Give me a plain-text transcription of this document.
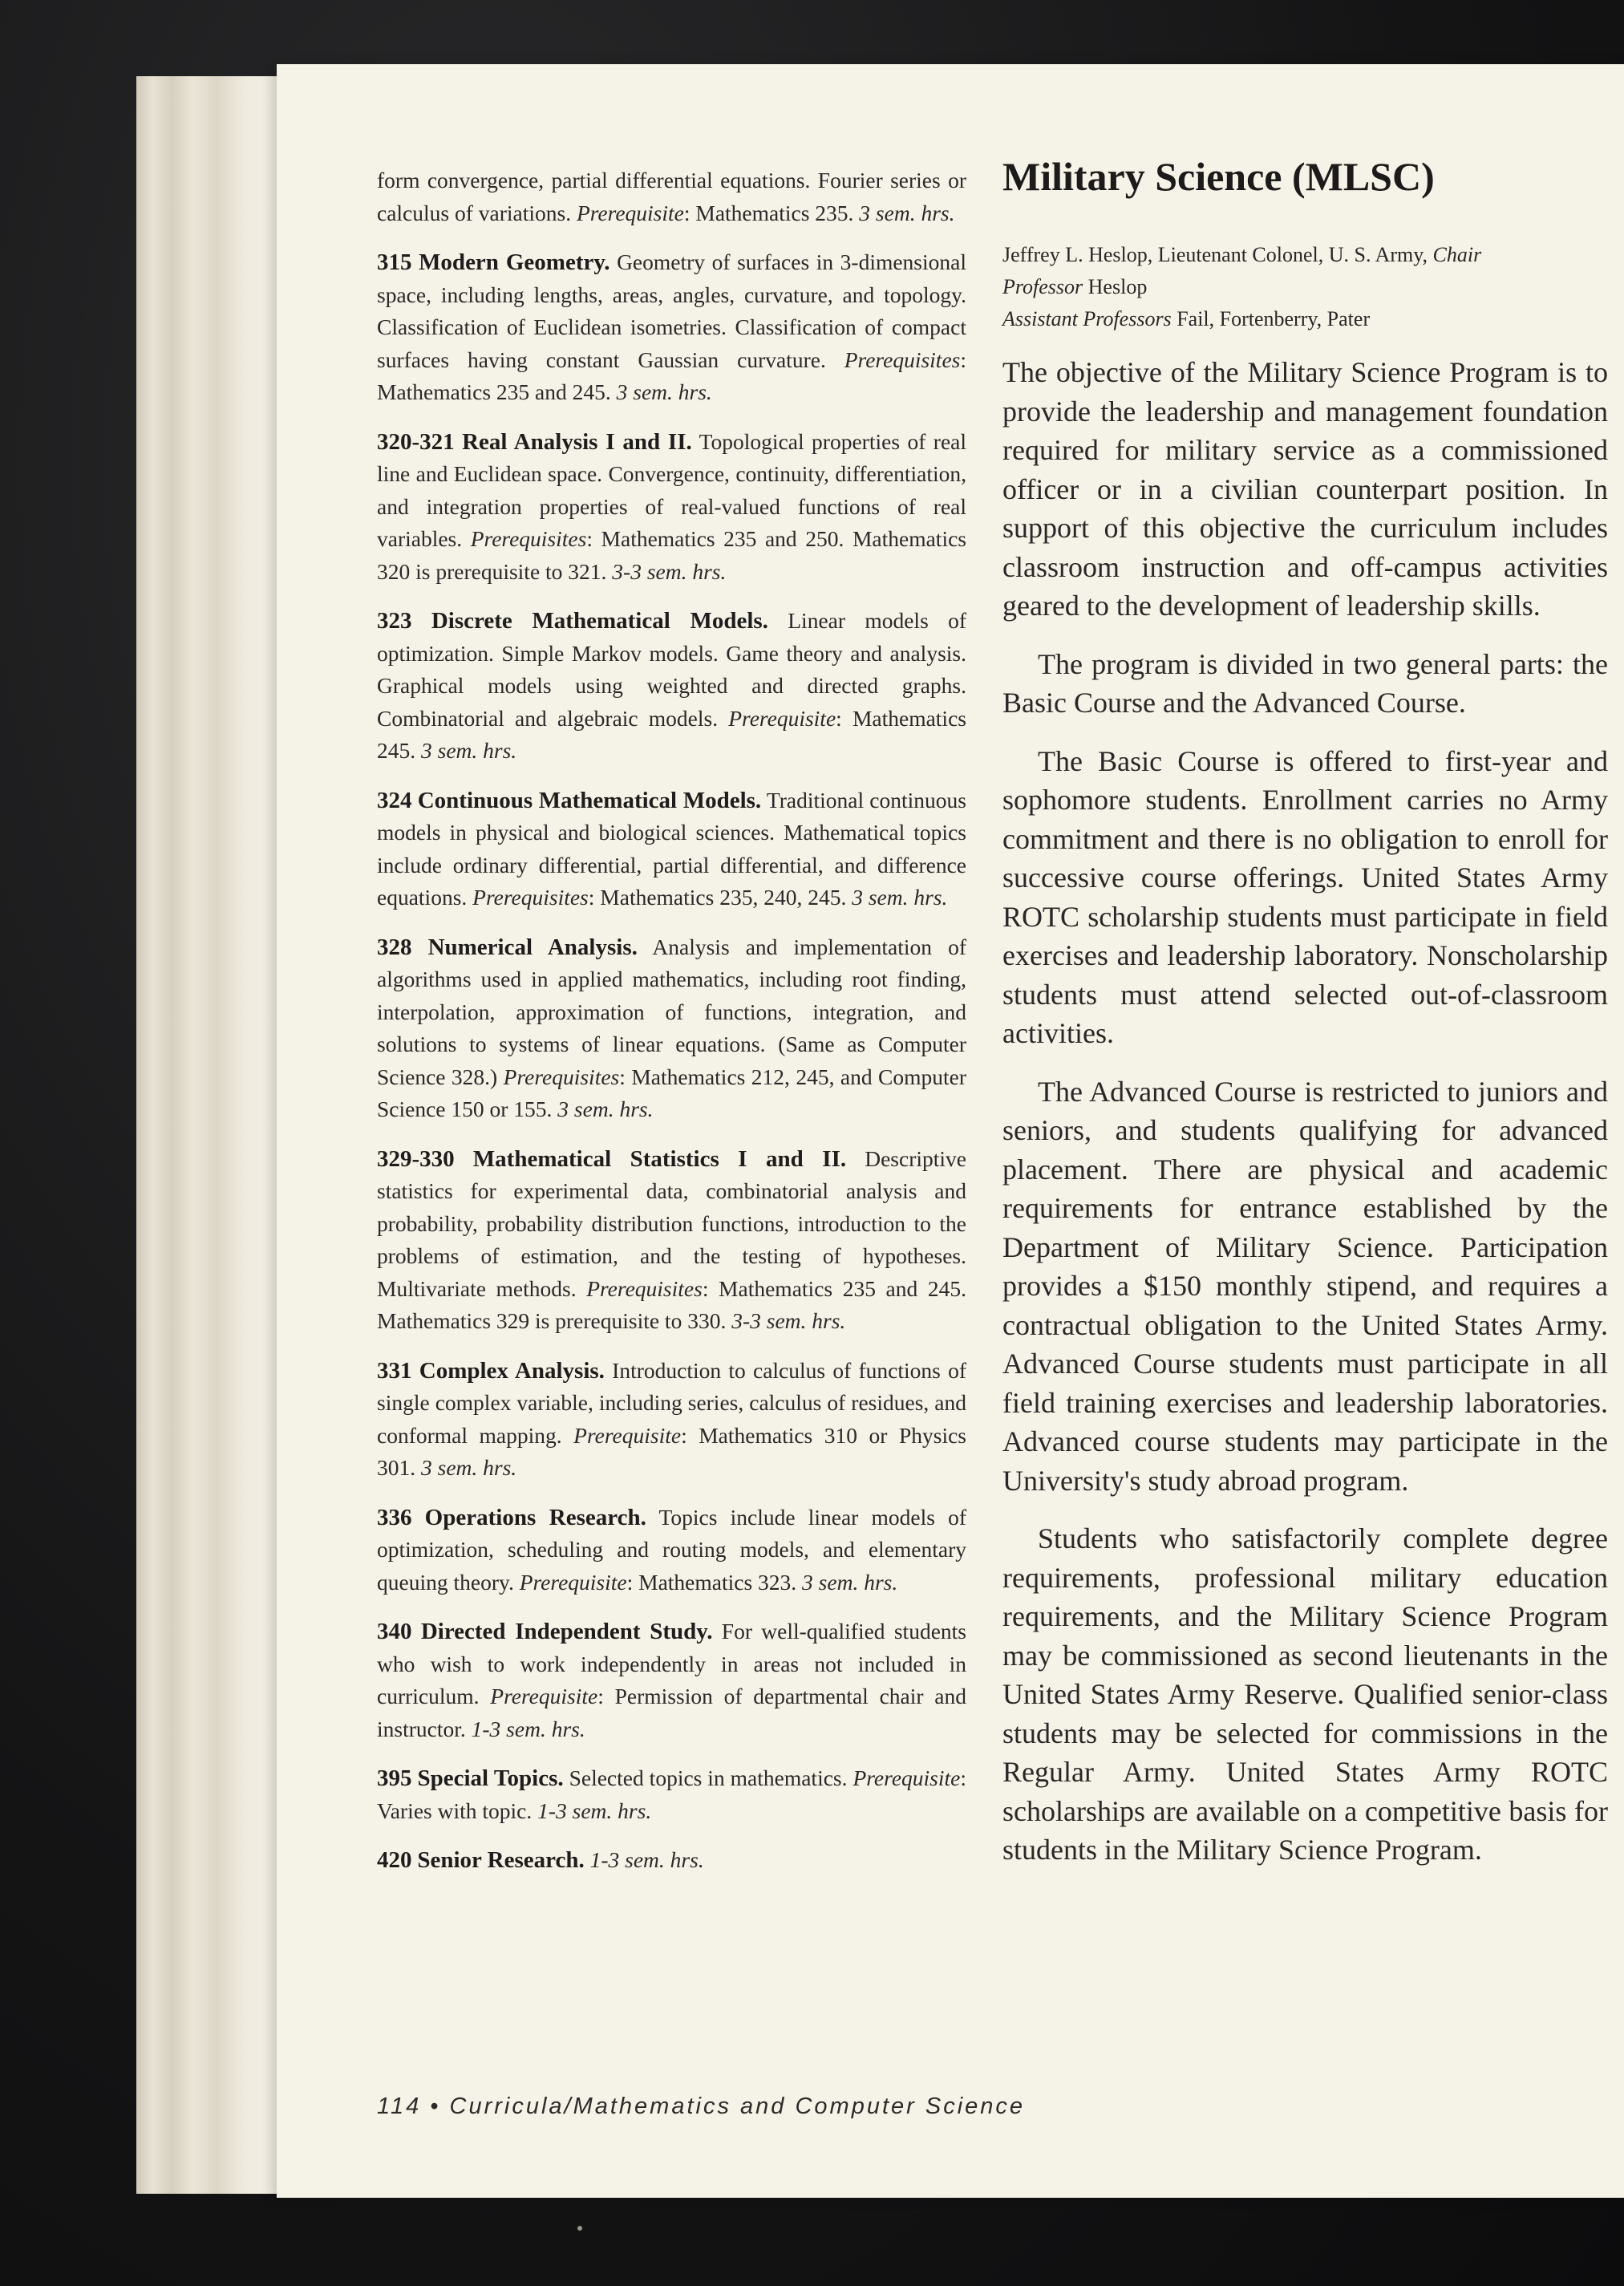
form convergence, partial differential equations. Fourier series or calculus of variations. Prerequisite: Mathematics 235. 3 sem. hrs.

315 Modern Geometry. Geometry of surfaces in 3-dimensional space, including lengths, areas, angles, curvature, and topology. Classification of Euclidean isometries. Classification of compact surfaces having constant Gaussian curvature. Prerequisites: Mathematics 235 and 245. 3 sem. hrs.

320-321 Real Analysis I and II. Topological properties of real line and Euclidean space. Convergence, continuity, differentiation, and integration properties of real-valued functions of real variables. Prerequisites: Mathematics 235 and 250. Mathematics 320 is prerequisite to 321. 3-3 sem. hrs.

323 Discrete Mathematical Models. Linear models of optimization. Simple Markov models. Game theory and analysis. Graphical models using weighted and directed graphs. Combinatorial and algebraic models. Prerequisite: Mathematics 245. 3 sem. hrs.

324 Continuous Mathematical Models. Traditional continuous models in physical and biological sciences. Mathematical topics include ordinary differential, partial differential, and difference equations. Prerequisites: Mathematics 235, 240, 245. 3 sem. hrs.

328 Numerical Analysis. Analysis and implementation of algorithms used in applied mathematics, including root finding, interpolation, approximation of functions, integration, and solutions to systems of linear equations. (Same as Computer Science 328.) Prerequisites: Mathematics 212, 245, and Computer Science 150 or 155. 3 sem. hrs.

329-330 Mathematical Statistics I and II. Descriptive statistics for experimental data, combinatorial analysis and probability, probability distribution functions, introduction to the problems of estimation, and the testing of hypotheses. Multivariate methods. Prerequisites: Mathematics 235 and 245. Mathematics 329 is prerequisite to 330. 3-3 sem. hrs.

331 Complex Analysis. Introduction to calculus of functions of single complex variable, including series, calculus of residues, and conformal mapping. Prerequisite: Mathematics 310 or Physics 301. 3 sem. hrs.

336 Operations Research. Topics include linear models of optimization, scheduling and routing models, and elementary queuing theory. Prerequisite: Mathematics 323. 3 sem. hrs.

340 Directed Independent Study. For well-qualified students who wish to work independently in areas not included in curriculum. Prerequisite: Permission of departmental chair and instructor. 1-3 sem. hrs.

395 Special Topics. Selected topics in mathematics. Prerequisite: Varies with topic. 1-3 sem. hrs.

420 Senior Research. 1-3 sem. hrs.

Military Science (MLSC)

Jeffrey L. Heslop, Lieutenant Colonel, U. S. Army, Chair

Professor Heslop

Assistant Professors Fail, Fortenberry, Pater

The objective of the Military Science Program is to provide the leadership and management foundation required for military service as a commissioned officer or in a civilian counterpart position. In support of this objective the curriculum includes classroom instruction and off-campus activities geared to the development of leadership skills.

The program is divided in two general parts: the Basic Course and the Advanced Course.

The Basic Course is offered to first-year and sophomore students. Enrollment carries no Army commitment and there is no obligation to enroll for successive course offerings. United States Army ROTC scholarship students must participate in field exercises and leadership laboratory. Nonscholarship students must attend selected out-of-classroom activities.

The Advanced Course is restricted to juniors and seniors, and students qualifying for advanced placement. There are physical and academic requirements for entrance established by the Department of Military Science. Participation provides a $150 monthly stipend, and requires a contractual obligation to the United States Army. Advanced Course students must participate in all field training exercises and leadership laboratories. Advanced course students may participate in the University's study abroad program.

Students who satisfactorily complete degree requirements, professional military education requirements, and the Military Science Program may be commissioned as second lieutenants in the United States Army Reserve. Qualified senior-class students may be selected for commissions in the Regular Army. United States Army ROTC scholarships are available on a competitive basis for students in the Military Science Program.

114 • Curricula/Mathematics and Computer Science
